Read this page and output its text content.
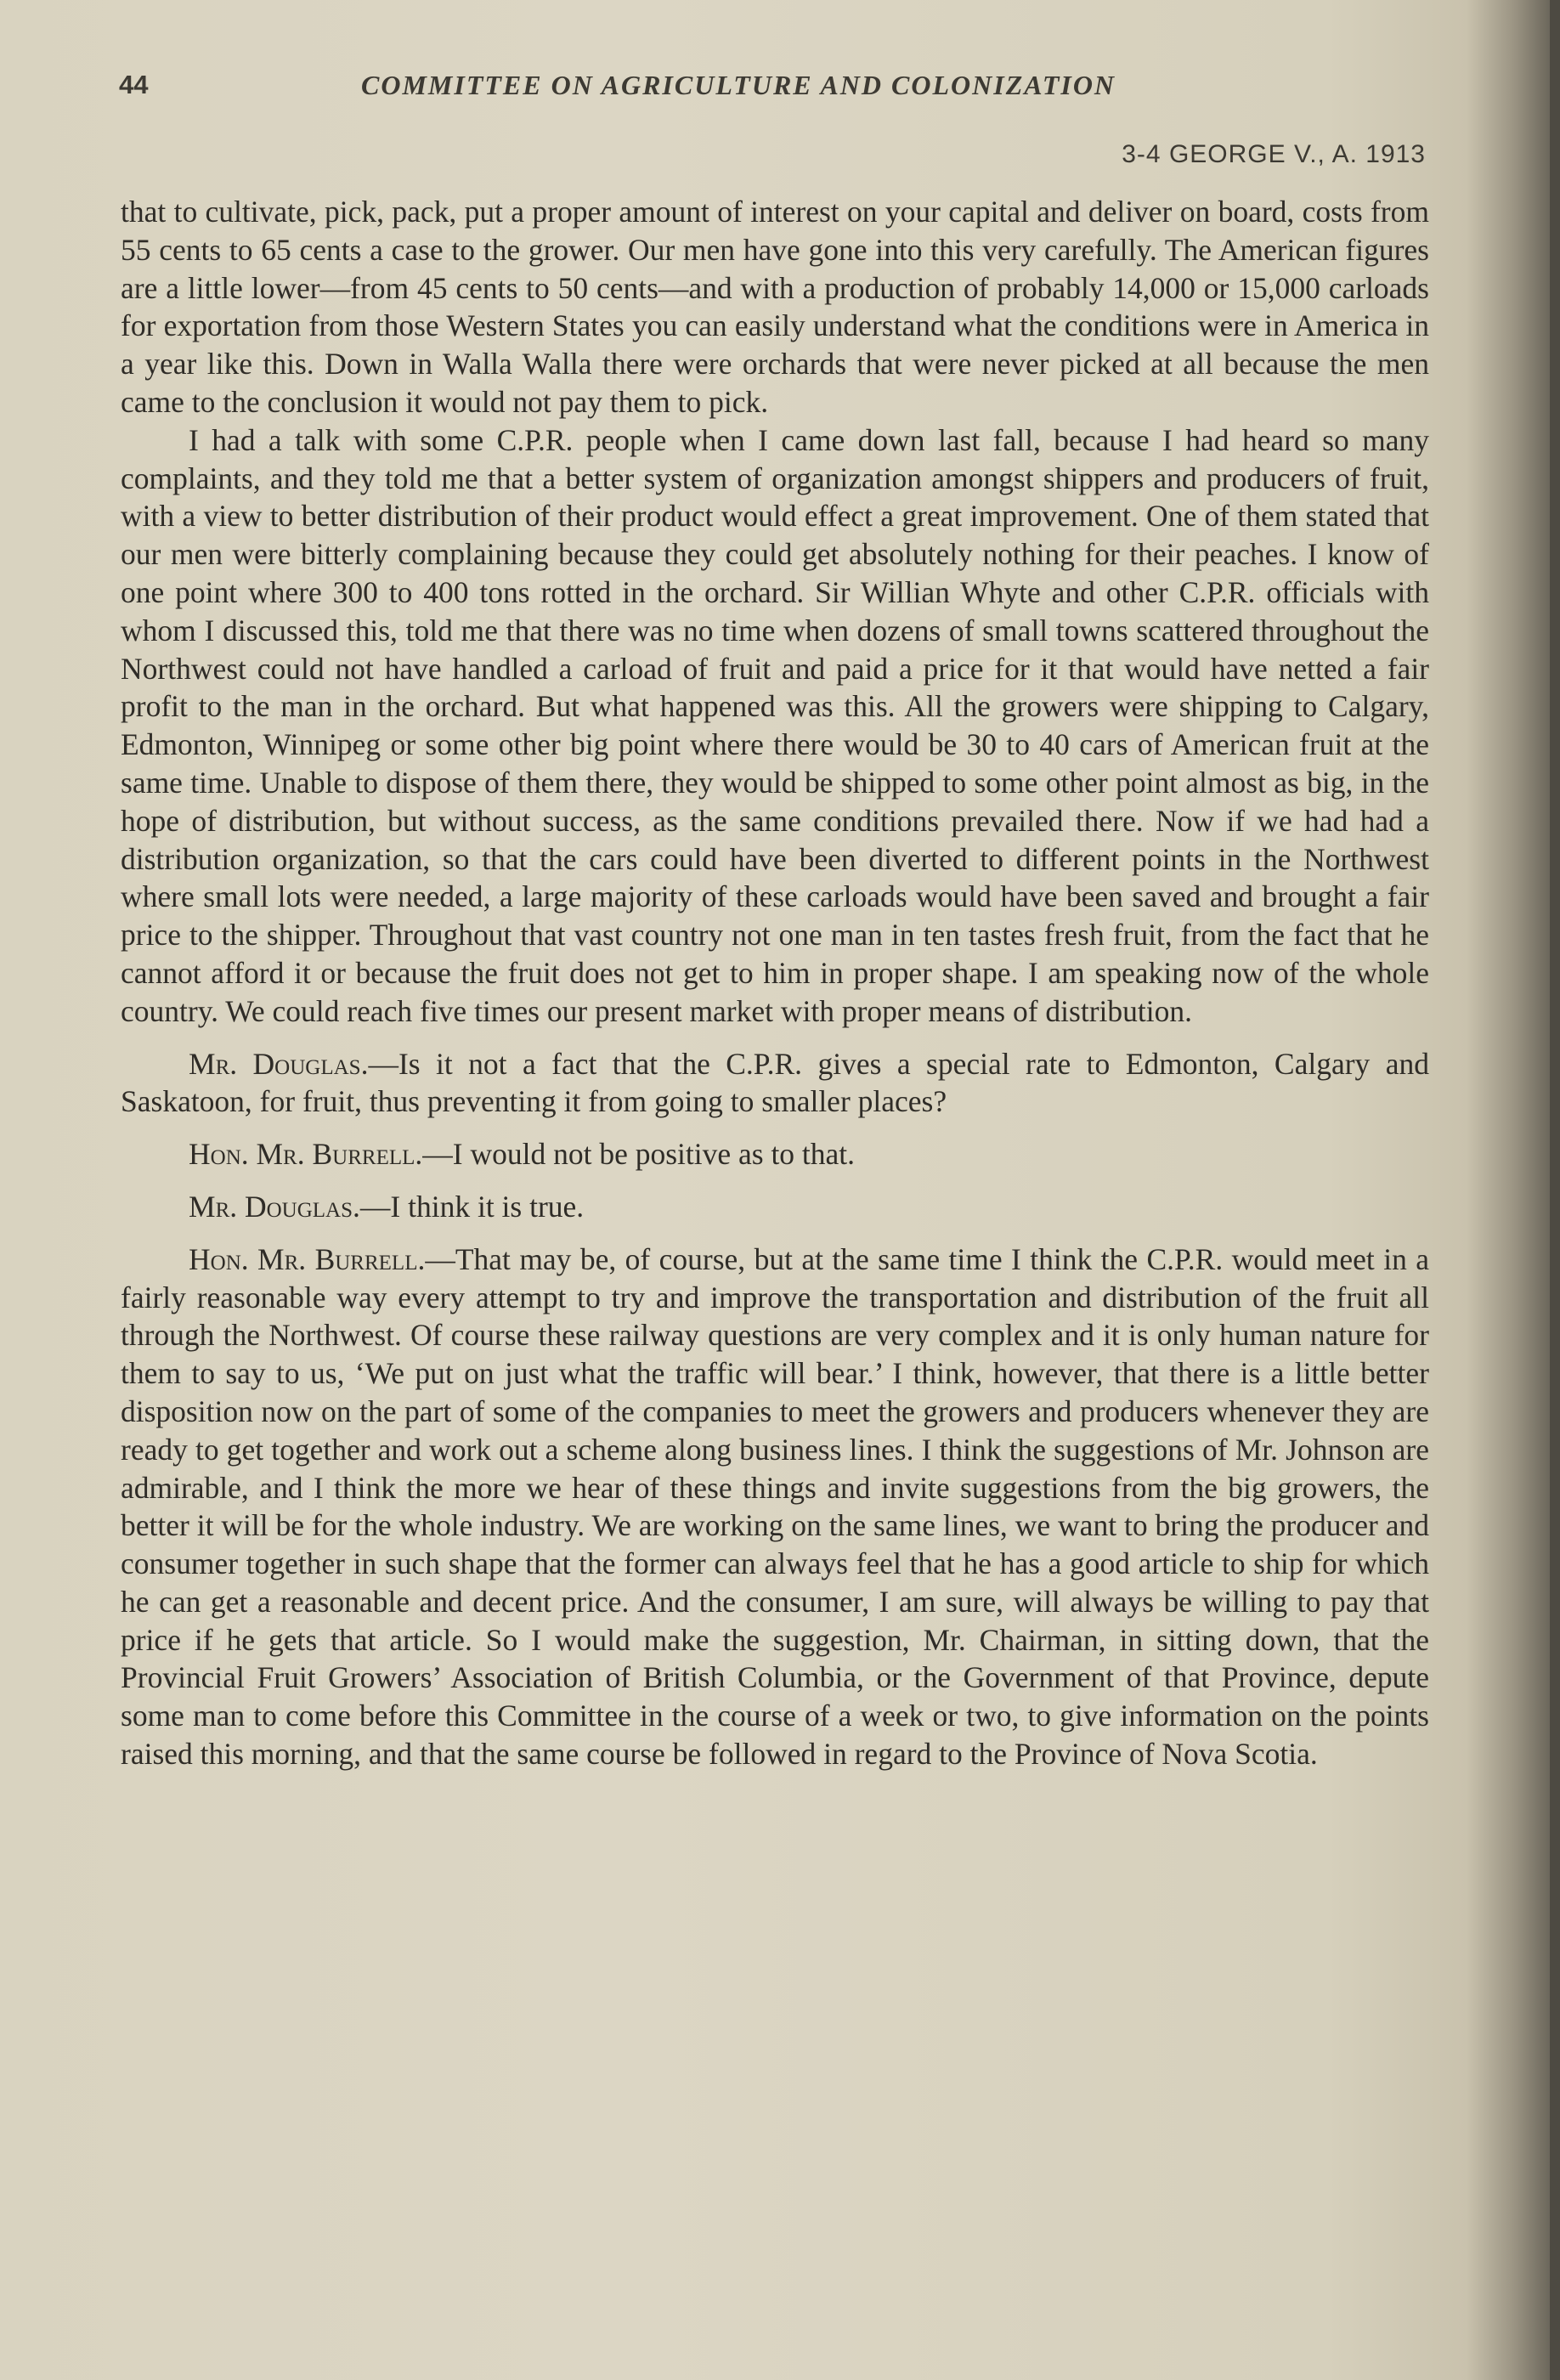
44	COMMITTEE ON AGRICULTURE AND COLONIZATION
3-4 GEORGE V., A. 1913

that to cultivate, pick, pack, put a proper amount of interest on your capital and deliver on board, costs from 55 cents to 65 cents a case to the grower. Our men have gone into this very carefully. The American figures are a little lower—from 45 cents to 50 cents—and with a production of probably 14,000 or 15,000 carloads for exportation from those Western States you can easily understand what the conditions were in America in a year like this. Down in Walla Walla there were orchards that were never picked at all because the men came to the conclusion it would not pay them to pick.

I had a talk with some C.P.R. people when I came down last fall, because I had heard so many complaints, and they told me that a better system of organization amongst shippers and producers of fruit, with a view to better distribution of their product would effect a great improvement. One of them stated that our men were bitterly complaining because they could get absolutely nothing for their peaches. I know of one point where 300 to 400 tons rotted in the orchard. Sir Willian Whyte and other C.P.R. officials with whom I discussed this, told me that there was no time when dozens of small towns scattered throughout the Northwest could not have handled a carload of fruit and paid a price for it that would have netted a fair profit to the man in the orchard. But what happened was this. All the growers were shipping to Calgary, Edmonton, Winnipeg or some other big point where there would be 30 to 40 cars of American fruit at the same time. Unable to dispose of them there, they would be shipped to some other point almost as big, in the hope of distribution, but without success, as the same conditions prevailed there. Now if we had had a distribution organization, so that the cars could have been diverted to different points in the Northwest where small lots were needed, a large majority of these carloads would have been saved and brought a fair price to the shipper. Throughout that vast country not one man in ten tastes fresh fruit, from the fact that he cannot afford it or because the fruit does not get to him in proper shape. I am speaking now of the whole country. We could reach five times our present market with proper means of distribution.

Mr. Douglas.—Is it not a fact that the C.P.R. gives a special rate to Edmonton, Calgary and Saskatoon, for fruit, thus preventing it from going to smaller places?

Hon. Mr. Burrell.—I would not be positive as to that.

Mr. Douglas.—I think it is true.

Hon. Mr. Burrell.—That may be, of course, but at the same time I think the C.P.R. would meet in a fairly reasonable way every attempt to try and improve the transportation and distribution of the fruit all through the Northwest. Of course these railway questions are very complex and it is only human nature for them to say to us, ‘We put on just what the traffic will bear.’ I think, however, that there is a little better disposition now on the part of some of the companies to meet the growers and producers whenever they are ready to get together and work out a scheme along business lines. I think the suggestions of Mr. Johnson are admirable, and I think the more we hear of these things and invite suggestions from the big growers, the better it will be for the whole industry. We are working on the same lines, we want to bring the producer and consumer together in such shape that the former can always feel that he has a good article to ship for which he can get a reasonable and decent price. And the consumer, I am sure, will always be willing to pay that price if he gets that article. So I would make the suggestion, Mr. Chairman, in sitting down, that the Provincial Fruit Growers’ Association of British Columbia, or the Government of that Province, depute some man to come before this Committee in the course of a week or two, to give information on the points raised this morning, and that the same course be followed in regard to the Province of Nova Scotia.
